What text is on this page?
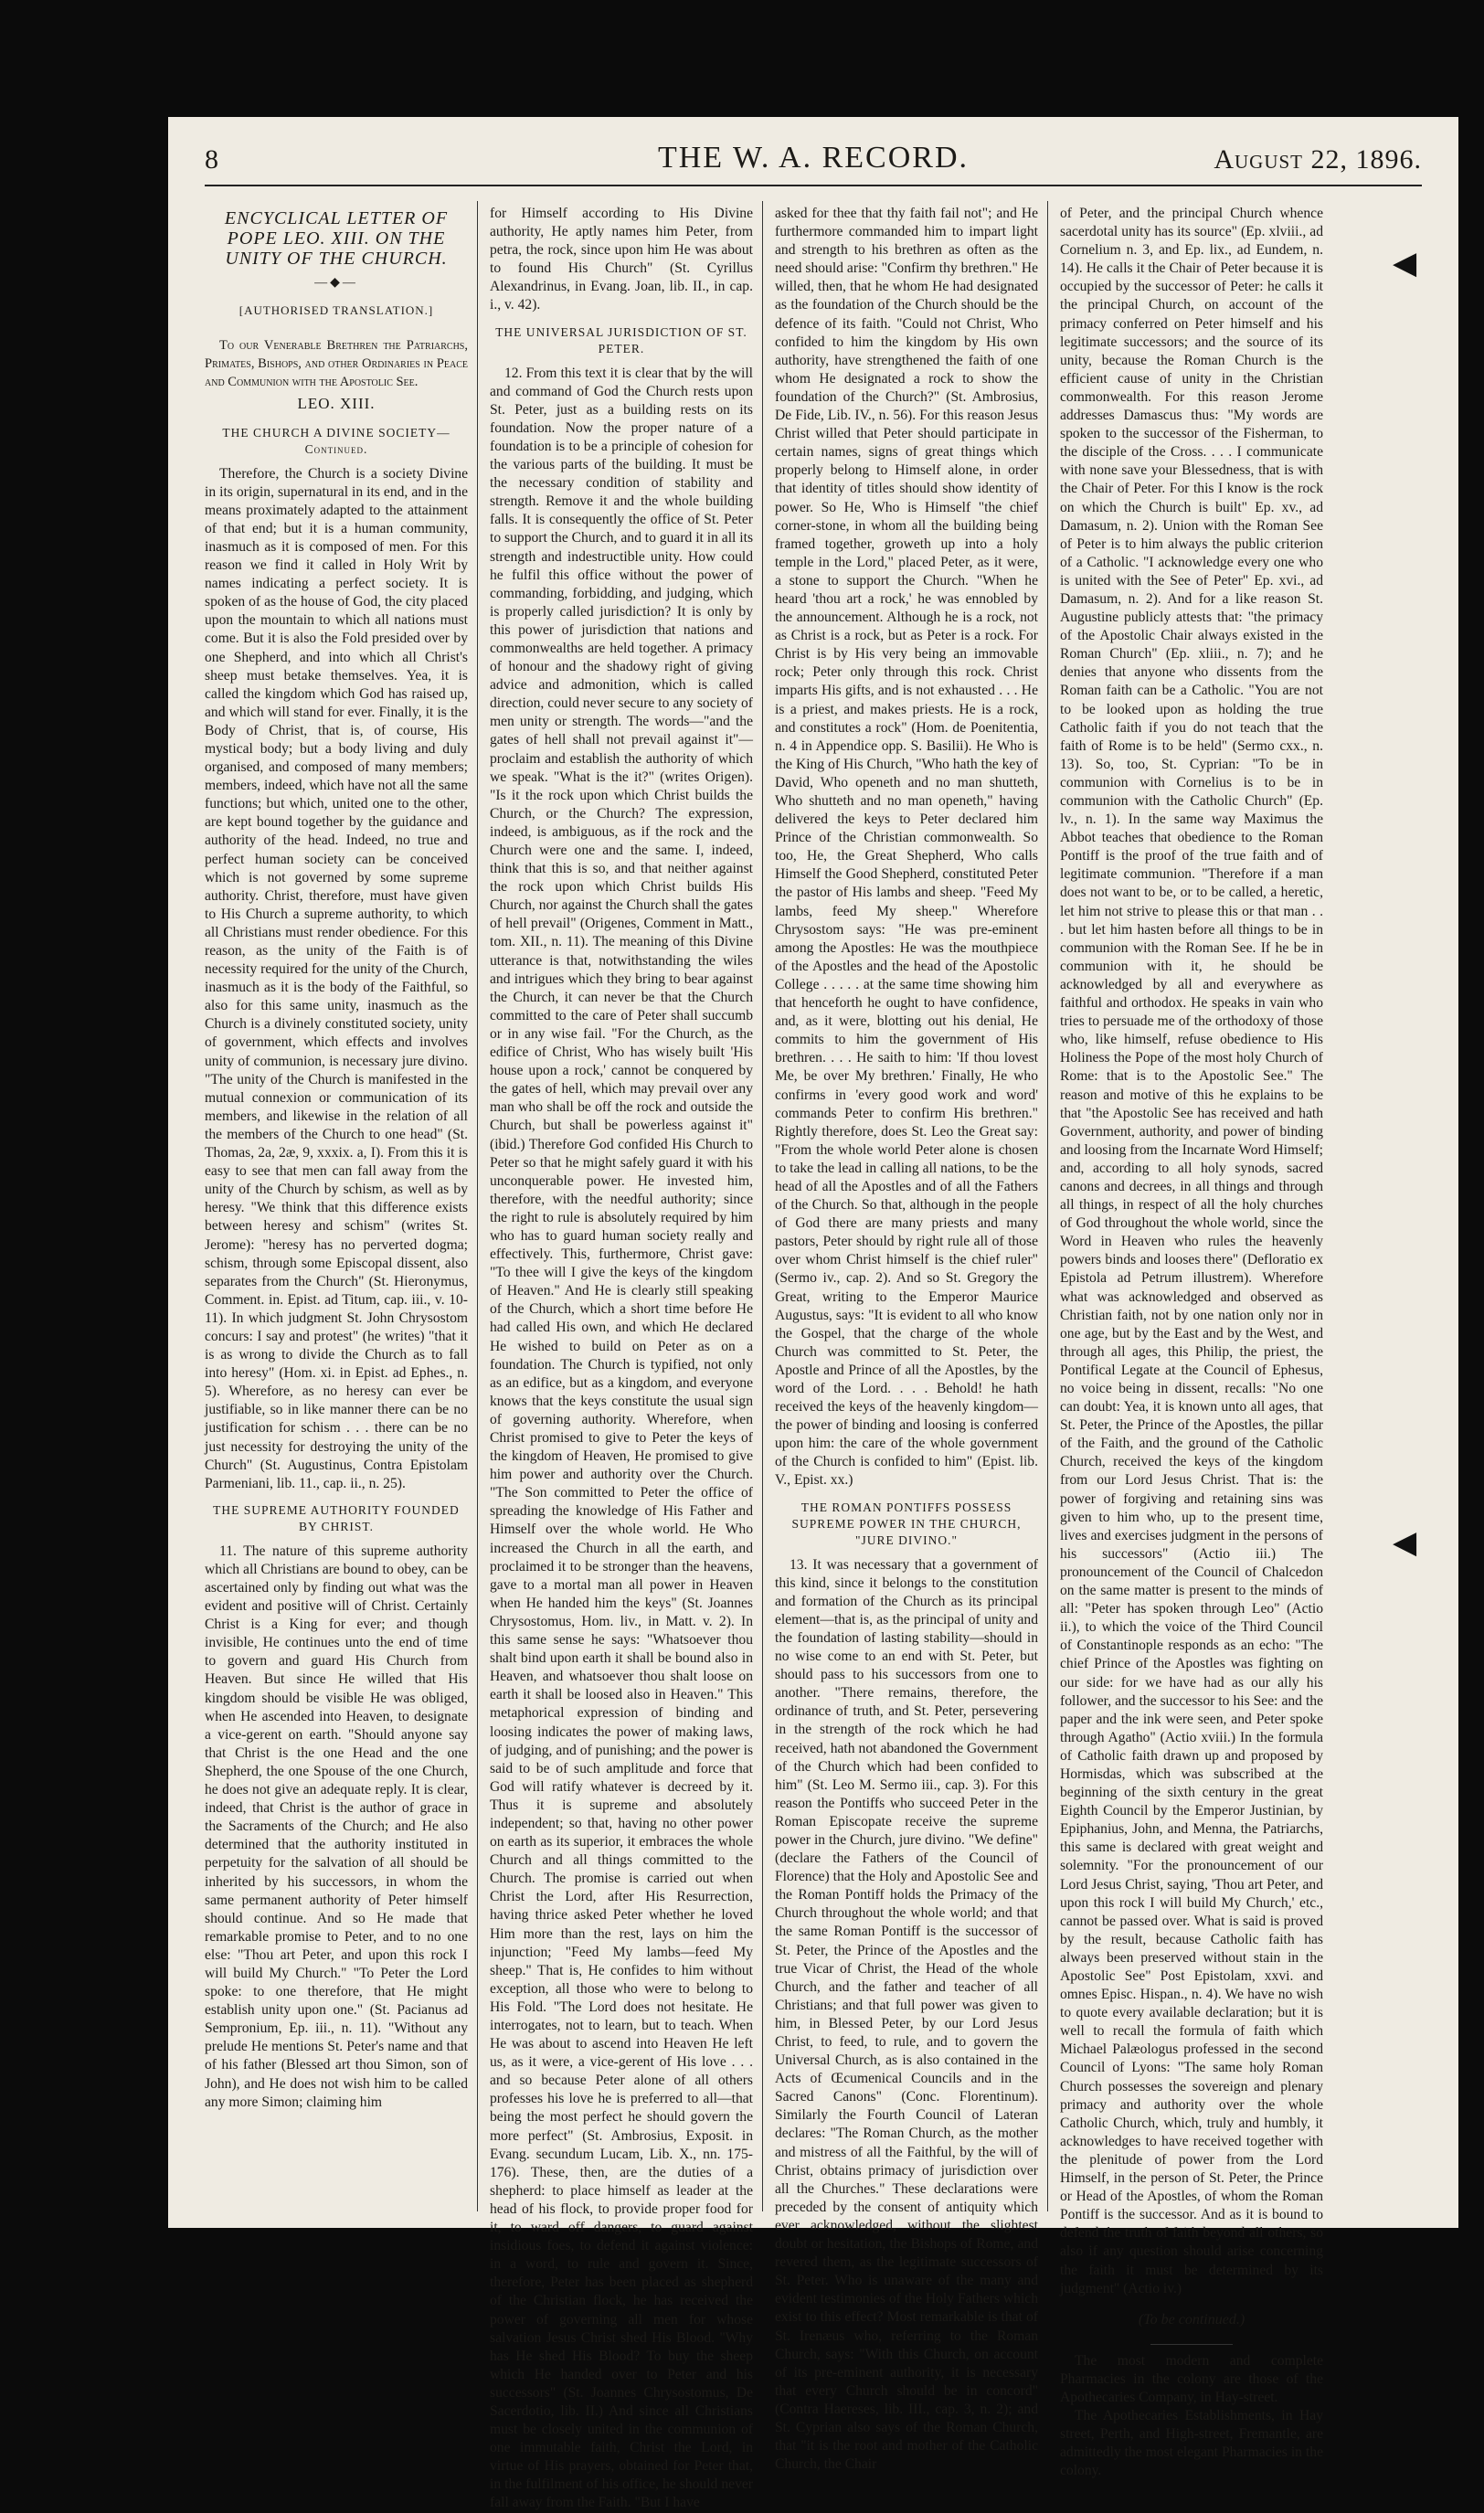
8	THE W. A. RECORD.	August 22, 1896.
ENCYCLICAL LETTER OF POPE LEO. XIII. ON THE UNITY OF THE CHURCH.
—◆—
[AUTHORISED TRANSLATION.]

To our Venerable Brethren the Patriarchs, Primates, Bishops, and other Ordinaries in Peace and Communion with the Apostolic See.

LEO. XIII.
THE CHURCH A DIVINE SOCIETY—Continued.

Therefore, the Church is a society Divine in its origin, supernatural in its end, and in the means proximately adapted to the attainment of that end; but it is a human community, inasmuch as it is composed of men. For this reason we find it called in Holy Writ by names indicating a perfect society. It is spoken of as the house of God, the city placed upon the mountain to which all nations must come. But it is also the Fold presided over by one Shepherd, and into which all Christ's sheep must betake themselves. Yea, it is called the kingdom which God has raised up, and which will stand for ever. Finally, it is the Body of Christ, that is, of course, His mystical body; but a body living and duly organised, and composed of many members; members, indeed, which have not all the same functions; but which, united one to the other, are kept bound together by the guidance and authority of the head. Indeed, no true and perfect human society can be conceived which is not governed by some supreme authority. Christ, therefore, must have given to His Church a supreme authority, to which all Christians must render obedience. For this reason, as the unity of the Faith is of necessity required for the unity of the Church, inasmuch as it is the body of the Faithful, so also for this same unity, inasmuch as the Church is a divinely constituted society, unity of government, which effects and involves unity of communion, is necessary jure divino. "The unity of the Church is manifested in the mutual connexion or communication of its members, and likewise in the relation of all the members of the Church to one head" (St. Thomas, 2a, 2æ, 9, xxxix. a, I). From this it is easy to see that men can fall away from the unity of the Church by schism, as well as by heresy. "We think that this difference exists between heresy and schism" (writes St. Jerome): "heresy has no perverted dogma; schism, through some Episcopal dissent, also separates from the Church" (St. Hieronymus, Comment. in. Epist. ad Titum, cap. iii., v. 10-11). In which judgment St. John Chrysostom concurs: I say and protest" (he writes) "that it is as wrong to divide the Church as to fall into heresy" (Hom. xi. in Epist. ad Ephes., n. 5). Wherefore, as no heresy can ever be justifiable, so in like manner there can be no justification for schism . . . there can be no just necessity for destroying the unity of the Church" (St. Augustinus, Contra Epistolam Parmeniani, lib. 11., cap. ii., n. 25).

THE SUPREME AUTHORITY FOUNDED BY CHRIST.

11. The nature of this supreme authority which all Christians are bound to obey, can be ascertained only by finding out what was the evident and positive will of Christ. Certainly Christ is a King for ever; and though invisible, He continues unto the end of time to govern and guard His Church from Heaven. But since He willed that His kingdom should be visible He was obliged, when He ascended into Heaven, to designate a vice-gerent on earth. "Should anyone say that Christ is the one Head and the one Shepherd, the one Spouse of the one Church, he does not give an adequate reply. It is clear, indeed, that Christ is the author of grace in the Sacraments of the Church; and He also determined that the authority instituted in perpetuity for the salvation of all should be inherited by his successors, in whom the same permanent authority of Peter himself should continue. And so He made that remarkable promise to Peter, and to no one else: "Thou art Peter, and upon this rock I will build My Church." "To Peter the Lord spoke: to one therefore, that He might establish unity upon one." (St. Pacianus ad Sempronium, Ep. iii., n. 11). "Without any prelude He mentions St. Peter's name and that of his father (Blessed art thou Simon, son of John), and He does not wish him to be called any more Simon; claiming him

for Himself according to His Divine authority, He aptly names him Peter, from petra, the rock, since upon him He was about to found His Church" (St. Cyrillus Alexandrinus, in Evang. Joan, lib. II., in cap. i., v. 42).

THE UNIVERSAL JURISDICTION OF ST. PETER.

12. From this text it is clear that by the will and command of God the Church rests upon St. Peter, just as a building rests on its foundation. Now the proper nature of a foundation is to be a principle of cohesion for the various parts of the building. It must be the necessary condition of stability and strength. Remove it and the whole building falls. It is consequently the office of St. Peter to support the Church, and to guard it in all its strength and indestructible unity. How could he fulfil this office without the power of commanding, forbidding, and judging, which is properly called jurisdiction? It is only by this power of jurisdiction that nations and commonwealths are held together. A primacy of honour and the shadowy right of giving advice and admonition, which is called direction, could never secure to any society of men unity or strength. The words—"and the gates of hell shall not prevail against it"—proclaim and establish the authority of which we speak. "What is the it?" (writes Origen). "Is it the rock upon which Christ builds the Church, or the Church? The expression, indeed, is ambiguous, as if the rock and the Church were one and the same. I, indeed, think that this is so, and that neither against the rock upon which Christ builds His Church, nor against the Church shall the gates of hell prevail" (Origenes, Comment in Matt., tom. XII., n. 11). The meaning of this Divine utterance is that, notwithstanding the wiles and intrigues which they bring to bear against the Church, it can never be that the Church committed to the care of Peter shall succumb or in any wise fail. "For the Church, as the edifice of Christ, Who has wisely built 'His house upon a rock,' cannot be conquered by the gates of hell, which may prevail over any man who shall be off the rock and outside the Church, but shall be powerless against it" (ibid.) Therefore God confided His Church to Peter so that he might safely guard it with his unconquerable power. He invested him, therefore, with the needful authority; since the right to rule is absolutely required by him who has to guard human society really and effectively. This, furthermore, Christ gave: "To thee will I give the keys of the kingdom of Heaven." And He is clearly still speaking of the Church, which a short time before He had called His own, and which He declared He wished to build on Peter as on a foundation. The Church is typified, not only as an edifice, but as a kingdom, and everyone knows that the keys constitute the usual sign of governing authority. Wherefore, when Christ promised to give to Peter the keys of the kingdom of Heaven, He promised to give him power and authority over the Church. "The Son committed to Peter the office of spreading the knowledge of His Father and Himself over the whole world. He Who increased the Church in all the earth, and proclaimed it to be stronger than the heavens, gave to a mortal man all power in Heaven when He handed him the keys" (St. Joannes Chrysostomus, Hom. liv., in Matt. v. 2). In this same sense he says: "Whatsoever thou shalt bind upon earth it shall be bound also in Heaven, and whatsoever thou shalt loose on earth it shall be loosed also in Heaven." This metaphorical expression of binding and loosing indicates the power of making laws, of judging, and of punishing; and the power is said to be of such amplitude and force that God will ratify whatever is decreed by it. Thus it is supreme and absolutely independent; so that, having no other power on earth as its superior, it embraces the whole Church and all things committed to the Church. The promise is carried out when Christ the Lord, after His Resurrection, having thrice asked Peter whether he loved Him more than the rest, lays on him the injunction; "Feed My lambs—feed My sheep." That is, He confides to him without exception, all those who were to belong to His Fold. "The Lord does not hesitate. He interrogates, not to learn, but to teach. When He was about to ascend into Heaven He left us, as it were, a vice-gerent of His love . . . and so because Peter alone of all others professes his love he is preferred to all—that being the most perfect he should govern the more perfect" (St. Ambrosius, Exposit. in Evang. secundum Lucam, Lib. X., nn. 175-176). These, then, are the duties of a shepherd: to place himself as leader at the head of his flock, to provide proper food for it, to ward off dangers, to guard against insidious foes, to defend it against violence: in a word, to rule and govern it. Since, therefore, Peter has been placed as shepherd of the Christian flock, he has received the power of governing all men for whose salvation Jesus Christ shed His Blood. "Why has He shed His Blood? To buy the sheep which He handed over to Peter and his successors" (St. Joannes Chrysostomus, De Sacerdotio, lib. II.) And since all Christians must be closely united in the communion of one immutable faith, Christ the Lord, in virtue of His prayers, obtained for Peter that, in the fulfilment of his office, he should never fall away from the Faith. "But I have

asked for thee that thy faith fail not"; and He furthermore commanded him to impart light and strength to his brethren as often as the need should arise: "Confirm thy brethren." He willed, then, that he whom He had designated as the foundation of the Church should be the defence of its faith. "Could not Christ, Who confided to him the kingdom by His own authority, have strengthened the faith of one whom He designated a rock to show the foundation of the Church?" (St. Ambrosius, De Fide, Lib. IV., n. 56). For this reason Jesus Christ willed that Peter should participate in certain names, signs of great things which properly belong to Himself alone, in order that identity of titles should show identity of power. So He, Who is Himself "the chief corner-stone, in whom all the building being framed together, groweth up into a holy temple in the Lord," placed Peter, as it were, a stone to support the Church. "When he heard 'thou art a rock,' he was ennobled by the announcement. Although he is a rock, not as Christ is a rock, but as Peter is a rock. For Christ is by His very being an immovable rock; Peter only through this rock. Christ imparts His gifts, and is not exhausted . . . He is a priest, and makes priests. He is a rock, and constitutes a rock" (Hom. de Poenitentia, n. 4 in Appendice opp. S. Basilii). He Who is the King of His Church, "Who hath the key of David, Who openeth and no man shutteth, Who shutteth and no man openeth," having delivered the keys to Peter declared him Prince of the Christian commonwealth. So too, He, the Great Shepherd, Who calls Himself the Good Shepherd, constituted Peter the pastor of His lambs and sheep. "Feed My lambs, feed My sheep." Wherefore Chrysostom says: "He was pre-eminent among the Apostles: He was the mouthpiece of the Apostles and the head of the Apostolic College . . . . . at the same time showing him that henceforth he ought to have confidence, and, as it were, blotting out his denial, He commits to him the government of His brethren. . . . He saith to him: 'If thou lovest Me, be over My brethren.' Finally, He who confirms in 'every good work and word' commands Peter to confirm His brethren." Rightly therefore, does St. Leo the Great say: "From the whole world Peter alone is chosen to take the lead in calling all nations, to be the head of all the Apostles and of all the Fathers of the Church. So that, although in the people of God there are many priests and many pastors, Peter should by right rule all of those over whom Christ himself is the chief ruler" (Sermo iv., cap. 2). And so St. Gregory the Great, writing to the Emperor Maurice Augustus, says: "It is evident to all who know the Gospel, that the charge of the whole Church was committed to St. Peter, the Apostle and Prince of all the Apostles, by the word of the Lord. . . . Behold! he hath received the keys of the heavenly kingdom—the power of binding and loosing is conferred upon him: the care of the whole government of the Church is confided to him" (Epist. lib. V., Epist. xx.)

THE ROMAN PONTIFFS POSSESS SUPREME POWER IN THE CHURCH, "JURE DIVINO."

13. It was necessary that a government of this kind, since it belongs to the constitution and formation of the Church as its principal element—that is, as the principal of unity and the foundation of lasting stability—should in no wise come to an end with St. Peter, but should pass to his successors from one to another. "There remains, therefore, the ordinance of truth, and St. Peter, persevering in the strength of the rock which he had received, hath not abandoned the Government of the Church which had been confided to him" (St. Leo M. Sermo iii., cap. 3). For this reason the Pontiffs who succeed Peter in the Roman Episcopate receive the supreme power in the Church, jure divino. "We define" (declare the Fathers of the Council of Florence) that the Holy and Apostolic See and the Roman Pontiff holds the Primacy of the Church throughout the whole world; and that the same Roman Pontiff is the successor of St. Peter, the Prince of the Apostles and the true Vicar of Christ, the Head of the whole Church, and the father and teacher of all Christians; and that full power was given to him, in Blessed Peter, by our Lord Jesus Christ, to feed, to rule, and to govern the Universal Church, as is also contained in the Acts of Œcumenical Councils and in the Sacred Canons" (Conc. Florentinum). Similarly the Fourth Council of Lateran declares: "The Roman Church, as the mother and mistress of all the Faithful, by the will of Christ, obtains primacy of jurisdiction over all the Churches." These declarations were preceded by the consent of antiquity which ever acknowledged, without the slightest doubt or hesitation, the Bishops of Rome, and revered them, as the legitimate successors of St. Peter. Who is unaware of the many and evident testimonies of the Holy Fathers which exist to this effect? Most remarkable is that of St. Irenæus who, referring to the Roman Church, says: "With this Church, on account of its pre-eminent authority, it is necessary that every Church should be in concord" (Contra Haereses, lib. III., cap. 3, n. 2); and St. Cyprian also says of the Roman Church, that "it is the root and mother of the Catholic Church, the Chair

of Peter, and the principal Church whence sacerdotal unity has its source" (Ep. xlviii., ad Cornelium n. 3, and Ep. lix., ad Eundem, n. 14). He calls it the Chair of Peter because it is occupied by the successor of Peter: he calls it the principal Church, on account of the primacy conferred on Peter himself and his legitimate successors; and the source of its unity, because the Roman Church is the efficient cause of unity in the Christian commonwealth. For this reason Jerome addresses Damascus thus: "My words are spoken to the successor of the Fisherman, to the disciple of the Cross. . . . I communicate with none save your Blessedness, that is with the Chair of Peter. For this I know is the rock on which the Church is built" Ep. xv., ad Damasum, n. 2). Union with the Roman See of Peter is to him always the public criterion of a Catholic. "I acknowledge every one who is united with the See of Peter" Ep. xvi., ad Damasum, n. 2). And for a like reason St. Augustine publicly attests that: "the primacy of the Apostolic Chair always existed in the Roman Church" (Ep. xliii., n. 7); and he denies that anyone who dissents from the Roman faith can be a Catholic. "You are not to be looked upon as holding the true Catholic faith if you do not teach that the faith of Rome is to be held" (Sermo cxx., n. 13). So, too, St. Cyprian: "To be in communion with Cornelius is to be in communion with the Catholic Church" (Ep. lv., n. 1). In the same way Maximus the Abbot teaches that obedience to the Roman Pontiff is the proof of the true faith and of legitimate communion. "Therefore if a man does not want to be, or to be called, a heretic, let him not strive to please this or that man . . . but let him hasten before all things to be in communion with the Roman See. If he be in communion with it, he should be acknowledged by all and everywhere as faithful and orthodox. He speaks in vain who tries to persuade me of the orthodoxy of those who, like himself, refuse obedience to His Holiness the Pope of the most holy Church of Rome: that is to the Apostolic See." The reason and motive of this he explains to be that "the Apostolic See has received and hath Government, authority, and power of binding and loosing from the Incarnate Word Himself; and, according to all holy synods, sacred canons and decrees, in all things and through all things, in respect of all the holy churches of God throughout the whole world, since the Word in Heaven who rules the heavenly powers binds and looses there" (Defloratio ex Epistola ad Petrum illustrem). Wherefore what was acknowledged and observed as Christian faith, not by one nation only nor in one age, but by the East and by the West, and through all ages, this Philip, the priest, the Pontifical Legate at the Council of Ephesus, no voice being in dissent, recalls: "No one can doubt: Yea, it is known unto all ages, that St. Peter, the Prince of the Apostles, the pillar of the Faith, and the ground of the Catholic Church, received the keys of the kingdom from our Lord Jesus Christ. That is: the power of forgiving and retaining sins was given to him who, up to the present time, lives and exercises judgment in the persons of his successors" (Actio iii.) The pronouncement of the Council of Chalcedon on the same matter is present to the minds of all: "Peter has spoken through Leo" (Actio ii.), to which the voice of the Third Council of Constantinople responds as an echo: "The chief Prince of the Apostles was fighting on our side: for we have had as our ally his follower, and the successor to his See: and the paper and the ink were seen, and Peter spoke through Agatho" (Actio xviii.) In the formula of Catholic faith drawn up and proposed by Hormisdas, which was subscribed at the beginning of the sixth century in the great Eighth Council by the Emperor Justinian, by Epiphanius, John, and Menna, the Patriarchs, this same is declared with great weight and solemnity. "For the pronouncement of our Lord Jesus Christ, saying, 'Thou art Peter, and upon this rock I will build My Church,' etc., cannot be passed over. What is said is proved by the result, because Catholic faith has always been preserved without stain in the Apostolic See" Post Epistolam, xxvi. and omnes Episc. Hispan., n. 4). We have no wish to quote every available declaration; but it is well to recall the formula of faith which Michael Palæologus professed in the second Council of Lyons: "The same holy Roman Church possesses the sovereign and plenary primacy and authority over the whole Catholic Church, which, truly and humbly, it acknowledges to have received together with the plenitude of power from the Lord Himself, in the person of St. Peter, the Prince or Head of the Apostles, of whom the Roman Pontiff is the successor. And as it is bound to defend the truth of faith beyond all others, so also if any question should arise concerning the faith it must be determined by its judgment" (Actio iv.)

(To be continued.)

The most modern and complete Pharmacies in the colony are those of the Apothecaries Company, in Hay-street.

The Apothecaries Establishments, in Hay street, Perth, and High-street, Fremantle, are admittedly the most elegant Pharmacies in the colony.

◀
◀
